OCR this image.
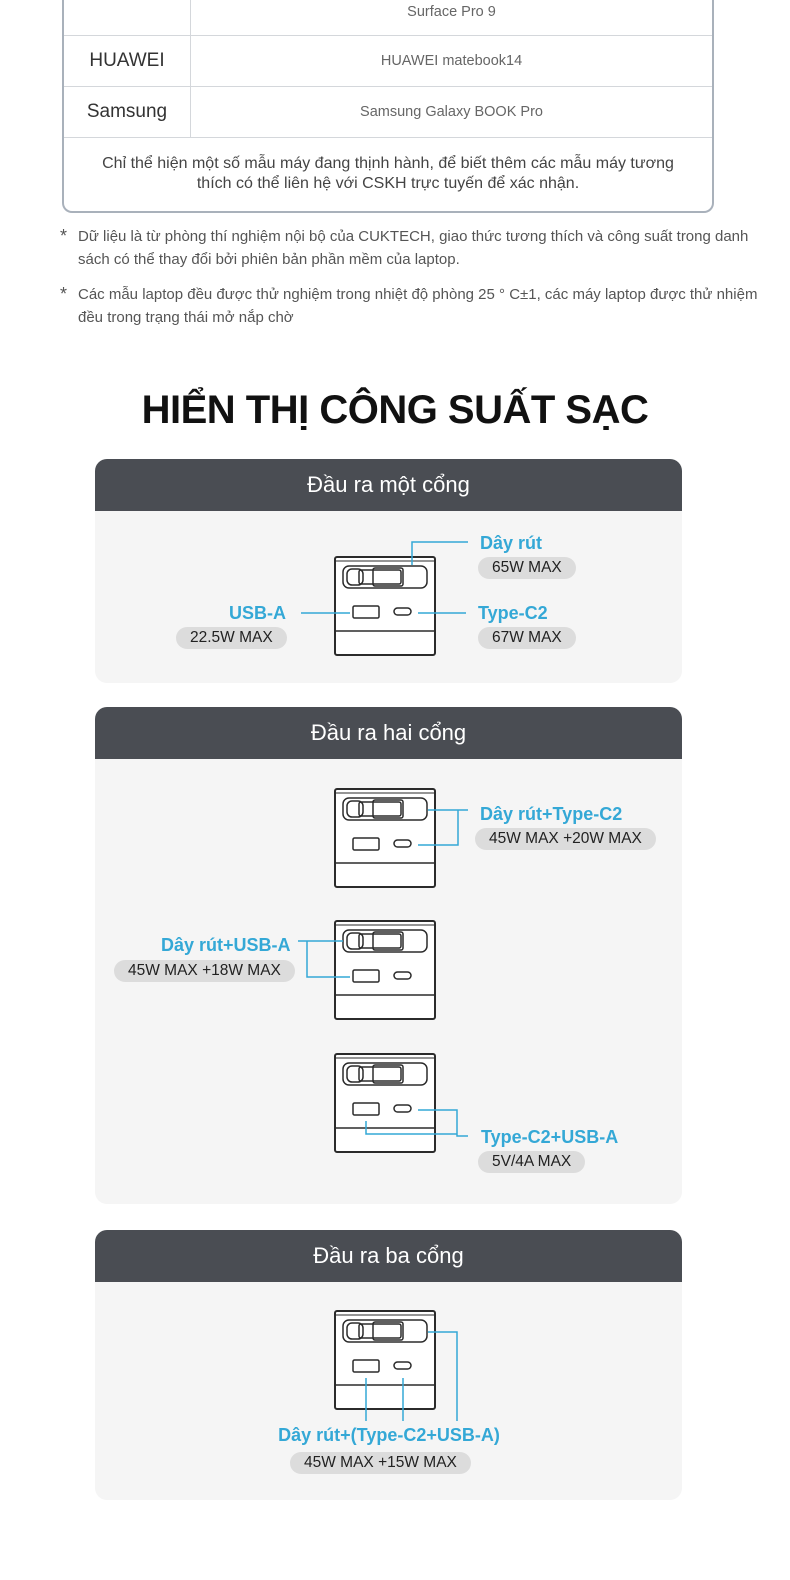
Surface Pro 9
HUAWEI	HUAWEI matebook14
Samsung	Samsung Galaxy BOOK Pro
Chỉ thể hiện một số mẫu máy đang thịnh hành, để biết thêm các mẫu máy tương thích có thể liên hệ với CSKH trực tuyến để xác nhận.
* Dữ liệu là từ phòng thí nghiệm nội bộ của CUKTECH, giao thức tương thích và công suất trong danh sách có thể thay đổi bởi phiên bản phần mềm của laptop.
* Các mẫu laptop đều được thử nghiệm trong nhiệt độ phòng 25 ° C±1, các máy laptop được thử nhiệm đều trong trạng thái mở nắp chờ
HIỂN THỊ CÔNG SUẤT SẠC
Đầu ra một cổng
Đầu ra hai cổng
Đầu ra ba cổng
Dây rút
65W MAX
USB-A
22.5W MAX
Type-C2
67W MAX
Dây rút+Type-C2
45W MAX +20W MAX
Dây rút+USB-A
45W MAX +18W MAX
Type-C2+USB-A
5V/4A MAX
Dây rút+(Type-C2+USB-A)
45W MAX +15W MAX
